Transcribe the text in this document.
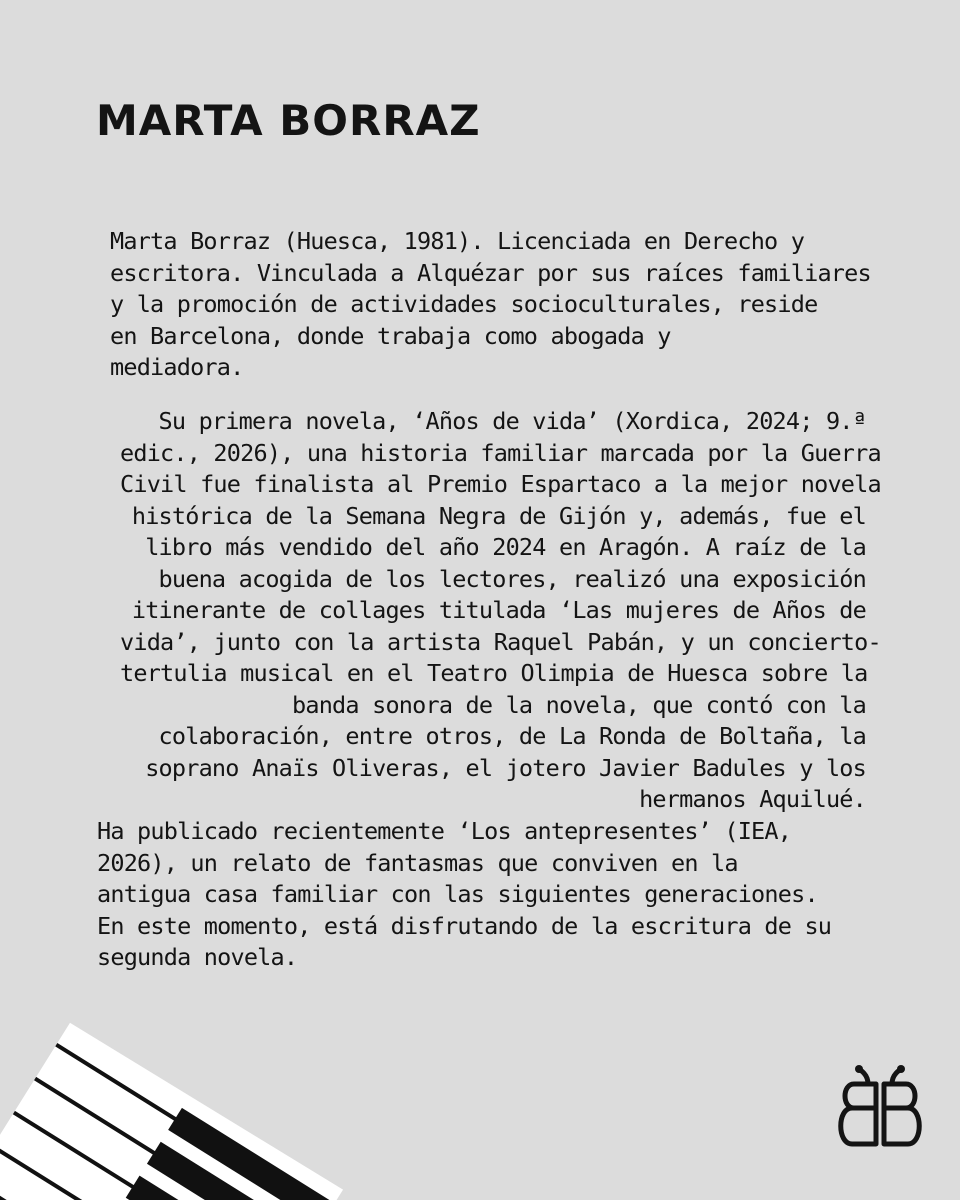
MARTA BORRAZ

Marta Borraz (Huesca, 1981). Licenciada en Derecho y
escritora. Vinculada a Alquézar por sus raíces familiares
y la promoción de actividades socioculturales, reside
en Barcelona, donde trabaja como abogada y
mediadora.

Su primera novela, ‘Años de vida’ (Xordica, 2024; 9.ª
edic., 2026), una historia familiar marcada por la Guerra
Civil fue finalista al Premio Espartaco a la mejor novela
histórica de la Semana Negra de Gijón y, además, fue el
libro más vendido del año 2024 en Aragón. A raíz de la
buena acogida de los lectores, realizó una exposición
itinerante de collages titulada ‘Las mujeres de Años de
vida’, junto con la artista Raquel Pabán, y un concierto-
tertulia musical en el Teatro Olimpia de Huesca sobre la
banda sonora de la novela, que contó con la
colaboración, entre otros, de La Ronda de Boltaña, la
soprano Anaïs Oliveras, el jotero Javier Badules y los
hermanos Aquilué.

Ha publicado recientemente ‘Los antepresentes’ (IEA,
2026), un relato de fantasmas que conviven en la
antigua casa familiar con las siguientes generaciones.
En este momento, está disfrutando de la escritura de su
segunda novela.
